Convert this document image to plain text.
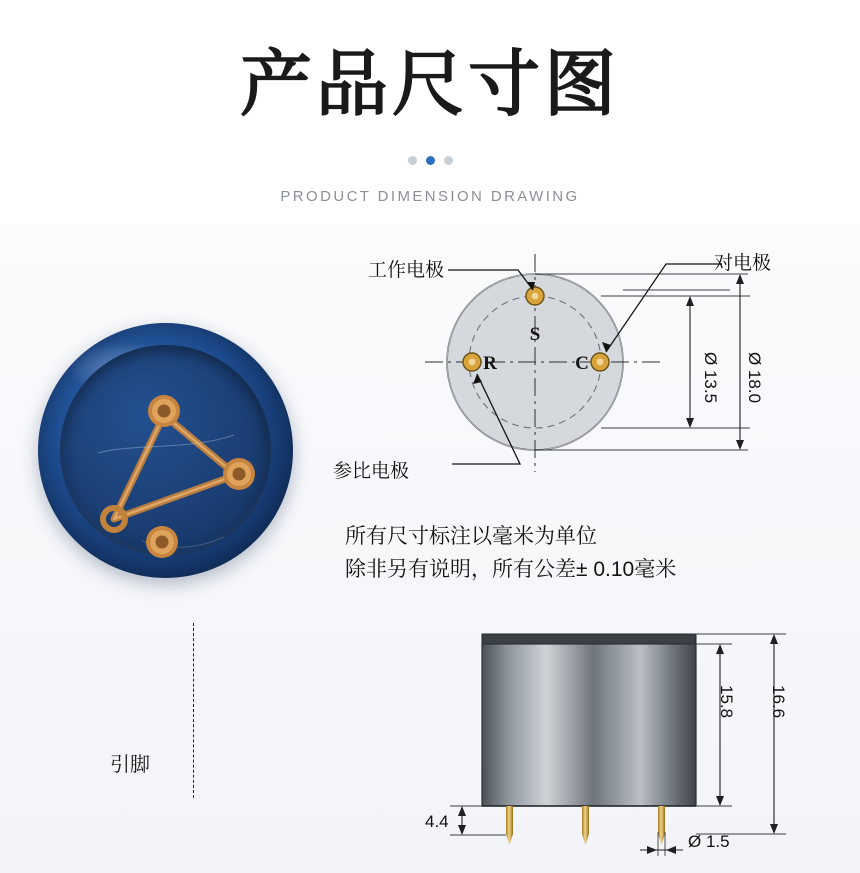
产品尺寸图
PRODUCT DIMENSION DRAWING
引脚
S
R	C
工作电极	对电极
参比电极
Ø 13.5 Ø 18.0
所有尺寸标注以毫米为单位
除非另有说明，所有公差± 0.10毫米
15.8 16.6
4.4
Ø 1.5
